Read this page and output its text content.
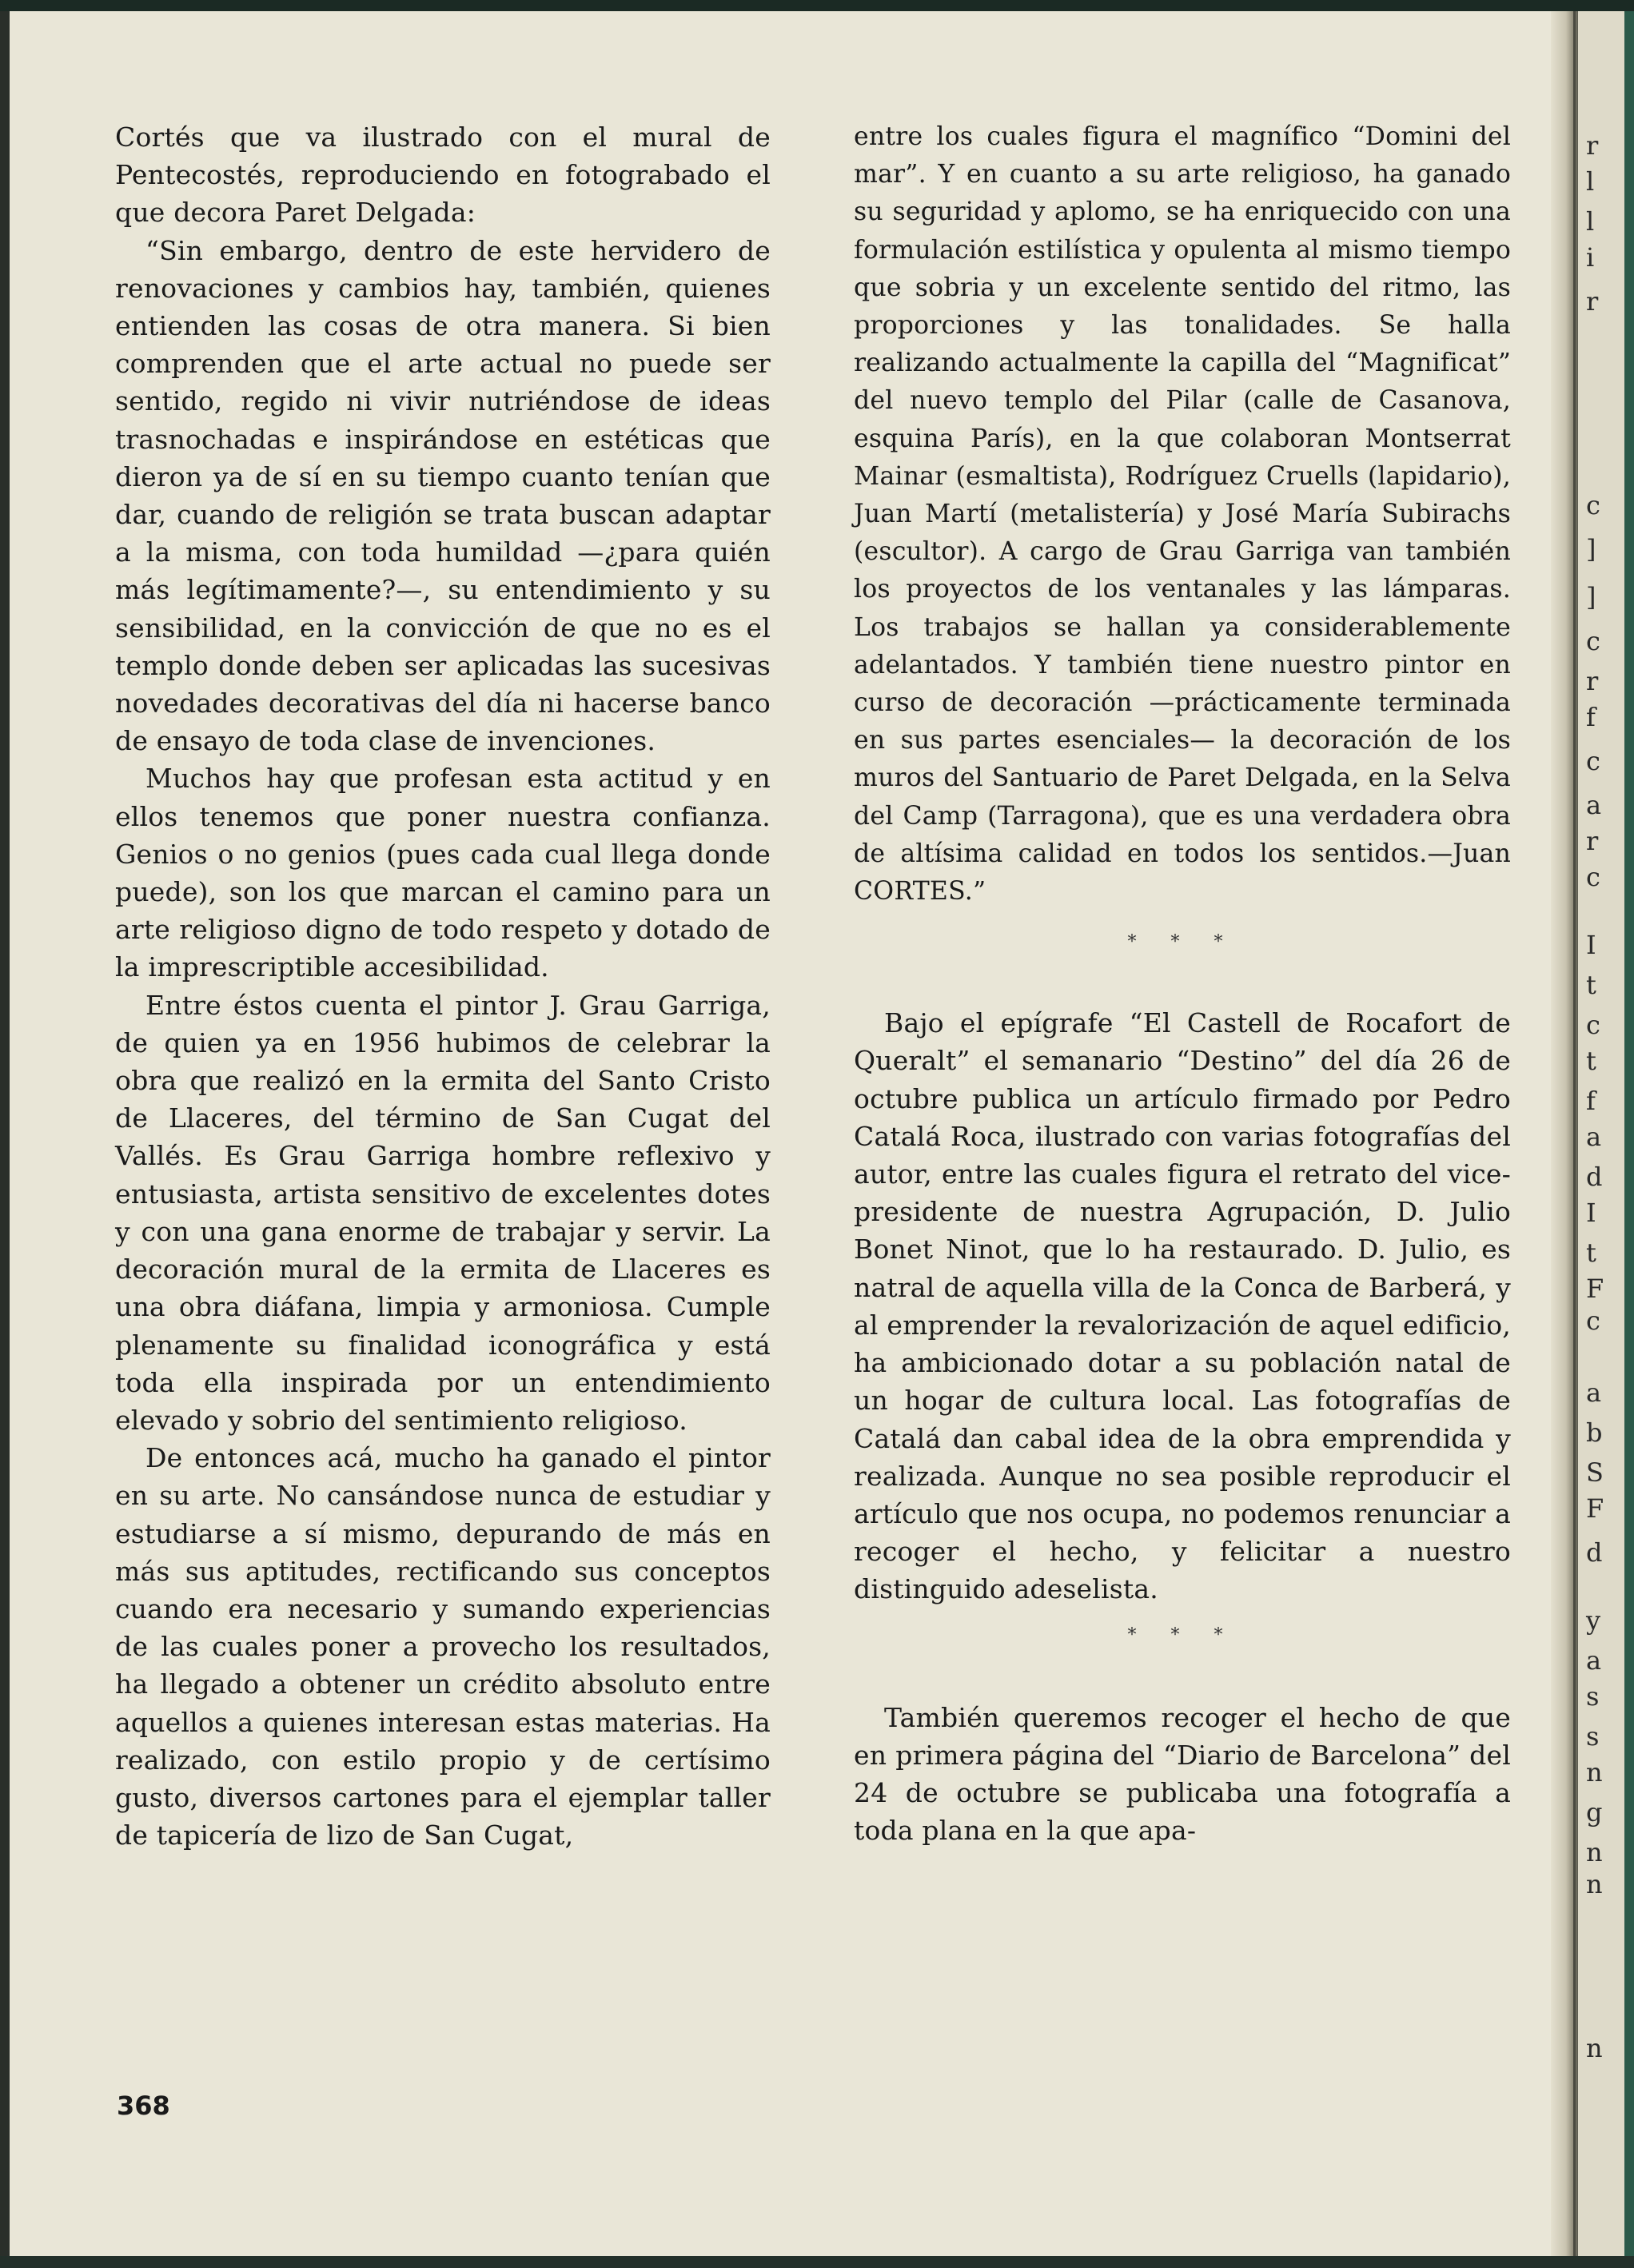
Cortés que va ilustrado con el mural de Pentecostés, reproduciendo en fotograbado el que decora Paret Delgada:

“Sin embargo, dentro de este hervidero de renovaciones y cambios hay, también, quienes entienden las cosas de otra manera. Si bien comprenden que el arte actual no puede ser sentido, regido ni vivir nutriéndose de ideas trasnochadas e inspirándose en estéticas que dieron ya de sí en su tiempo cuanto tenían que dar, cuando de religión se trata buscan adaptar a la misma, con toda humildad —¿para quién más legítimamente?—, su entendimiento y su sensibilidad, en la convicción de que no es el templo donde deben ser aplicadas las sucesivas novedades decorativas del día ni hacerse banco de ensayo de toda clase de invenciones.

Muchos hay que profesan esta actitud y en ellos tenemos que poner nuestra confianza. Genios o no genios (pues cada cual llega donde puede), son los que marcan el camino para un arte religioso digno de todo respeto y dotado de la imprescriptible accesibilidad.

Entre éstos cuenta el pintor J. Grau Garriga, de quien ya en 1956 hubimos de celebrar la obra que realizó en la ermita del Santo Cristo de Llaceres, del término de San Cugat del Vallés. Es Grau Garriga hombre reflexivo y entusiasta, artista sensitivo de excelentes dotes y con una gana enorme de trabajar y servir. La decoración mural de la ermita de Llaceres es una obra diáfana, limpia y armoniosa. Cumple plenamente su finalidad iconográfica y está toda ella inspirada por un entendimiento elevado y sobrio del sentimiento religioso.

De entonces acá, mucho ha ganado el pintor en su arte. No cansándose nunca de estudiar y estudiarse a sí mismo, depurando de más en más sus aptitudes, rectificando sus conceptos cuando era necesario y sumando experiencias de las cuales poner a provecho los resultados, ha llegado a obtener un crédito absoluto entre aquellos a quienes interesan estas materias. Ha realizado, con estilo propio y de certísimo gusto, diversos cartones para el ejemplar taller de tapicería de lizo de San Cugat,

entre los cuales figura el magnífico “Domini del mar”. Y en cuanto a su arte religioso, ha ganado su seguridad y aplomo, se ha enriquecido con una formulación estilística y opulenta al mismo tiempo que sobria y un excelente sentido del ritmo, las proporciones y las tonalidades. Se halla realizando actualmente la capilla del “Magnificat” del nuevo templo del Pilar (calle de Casanova, esquina París), en la que colaboran Montserrat Mainar (esmaltista), Rodríguez Cruells (lapidario), Juan Martí (metalistería) y José María Subirachs (escultor). A cargo de Grau Garriga van también los proyectos de los ventanales y las lámparas. Los trabajos se hallan ya considerablemente adelantados. Y también tiene nuestro pintor en curso de decoración —prácticamente terminada en sus partes esenciales— la decoración de los muros del Santuario de Paret Delgada, en la Selva del Camp (Tarragona), que es una verdadera obra de altísima calidad en todos los sentidos.—Juan CORTES.”

* * *

Bajo el epígrafe “El Castell de Rocafort de Queralt” el semanario “Destino” del día 26 de octubre publica un artículo firmado por Pedro Catalá Roca, ilustrado con varias fotografías del autor, entre las cuales figura el retrato del vice-presidente de nuestra Agrupación, D. Julio Bonet Ninot, que lo ha restaurado. D. Julio, es natral de aquella villa de la Conca de Barberá, y al emprender la revalorización de aquel edificio, ha ambicionado dotar a su población natal de un hogar de cultura local. Las fotografías de Catalá dan cabal idea de la obra emprendida y realizada. Aunque no sea posible reproducir el artículo que nos ocupa, no podemos renunciar a recoger el hecho, y felicitar a nuestro distinguido adeselista.

* * *

También queremos recoger el hecho de que en primera página del “Diario de Barcelona” del 24 de octubre se publicaba una fotografía a toda plana en la que apa-

368
r
l
l
i
r
c
]
]
c
r
f
c
a
r
c
I
t
c
t
f
a
d
I
t
F
c
a
b
S
F
d
y
a
s
s
n
g
n
n
n
